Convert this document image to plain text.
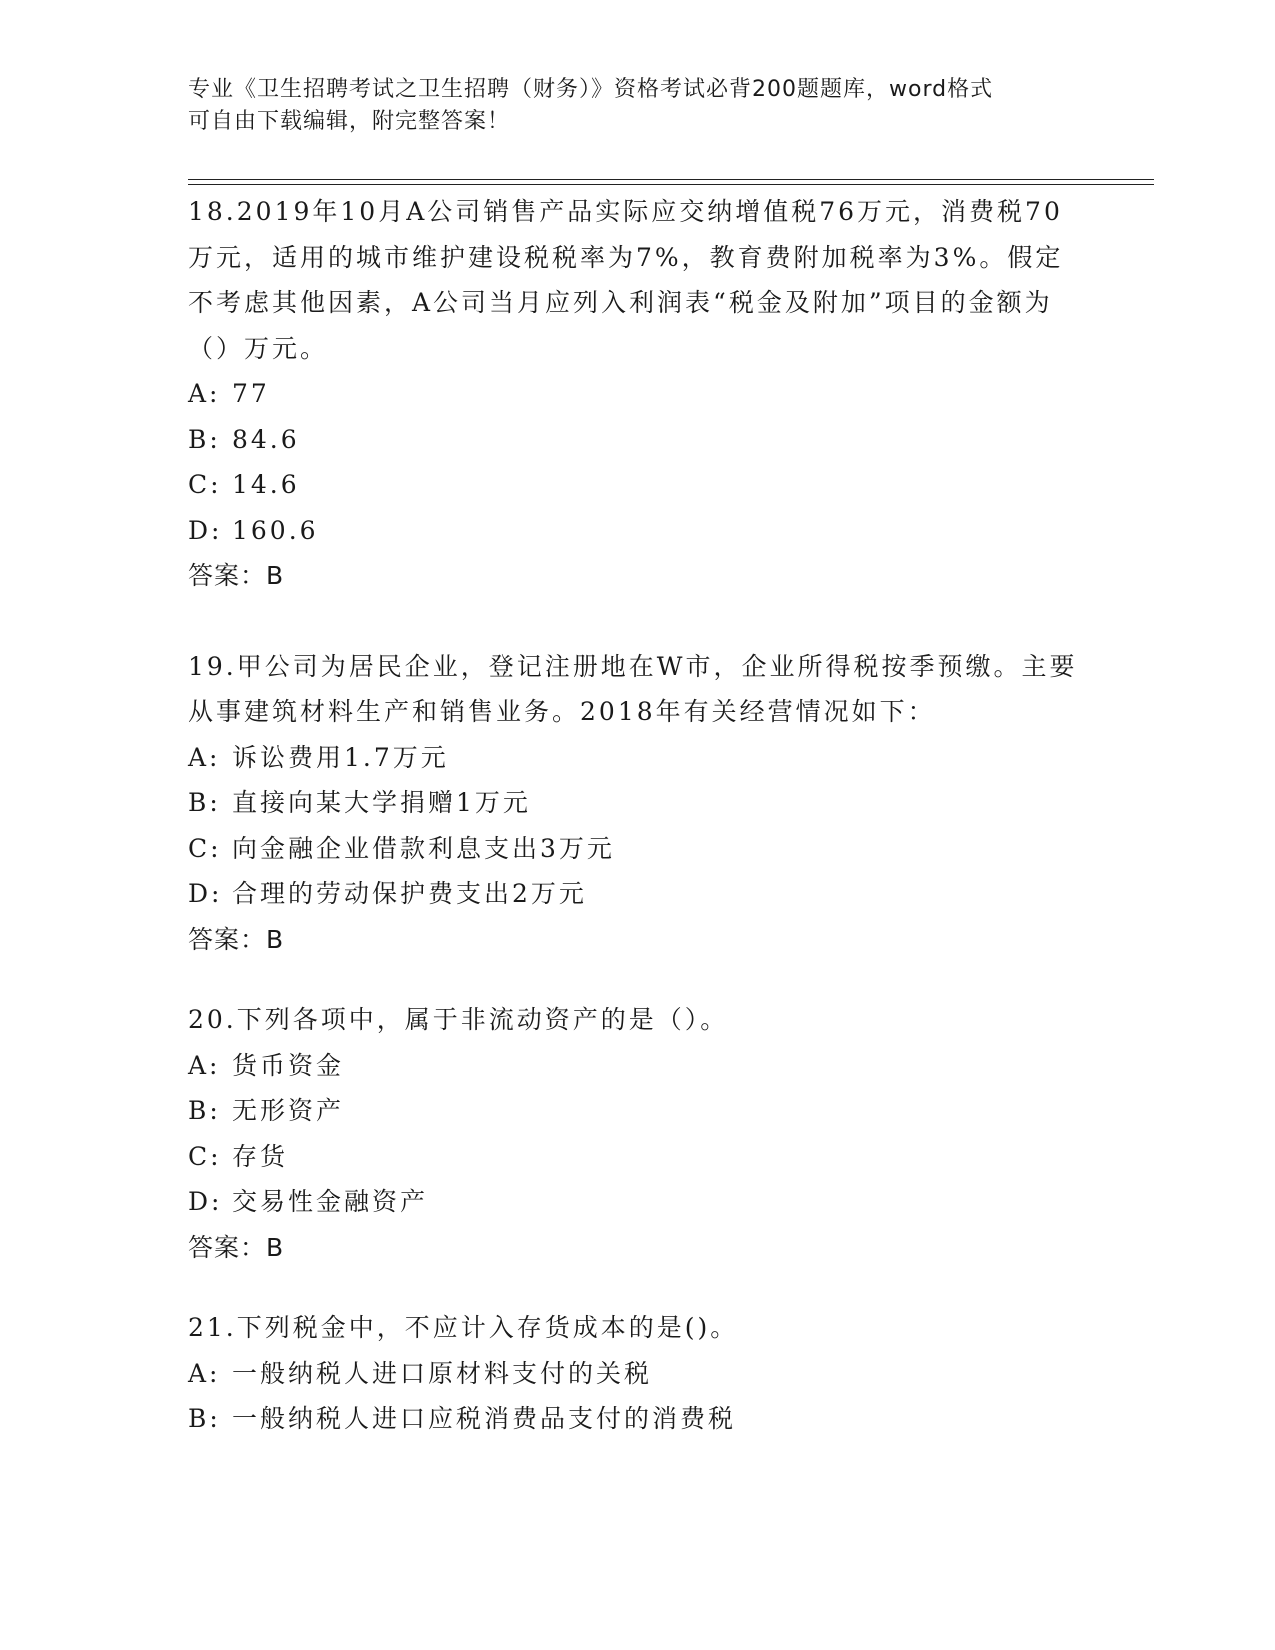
专业《卫生招聘考试之卫生招聘（财务）》资格考试必背200题题库，word格式
可自由下载编辑，附完整答案！
18.2019年10月A公司销售产品实际应交纳增值税76万元，消费税70万元，适用的城市维护建设税税率为7%，教育费附加税率为3%。假定不考虑其他因素，A公司当月应列入利润表“税金及附加”项目的金额为（）万元。
A: 77
B: 84.6
C: 14.6
D: 160.6
答案：B
19.甲公司为居民企业，登记注册地在W市，企业所得税按季预缴。主要从事建筑材料生产和销售业务。2018年有关经营情况如下：
A: 诉讼费用1.7万元
B: 直接向某大学捐赠1万元
C: 向金融企业借款利息支出3万元
D: 合理的劳动保护费支出2万元
答案：B
20.下列各项中，属于非流动资产的是（）。
A: 货币资金
B: 无形资产
C: 存货
D: 交易性金融资产
答案：B
21.下列税金中，不应计入存货成本的是()。
A: 一般纳税人进口原材料支付的关税
B: 一般纳税人进口应税消费品支付的消费税
